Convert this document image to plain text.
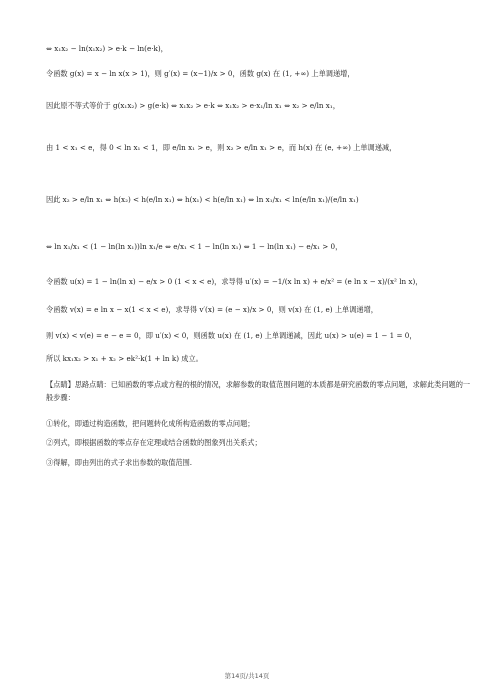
⇔ x₁x₂ − ln(x₁x₂) > e·k − ln(e·k)，
令函数 g(x) = x − ln x(x > 1)，则 g′(x) = (x−1)/x > 0，函数 g(x) 在 (1, +∞) 上单调递增，
因此原不等式等价于 g(x₁x₂) > g(e·k) ⇔ x₁x₂ > e·k ⇔ x₁x₂ > e·x₁/ln x₁ ⇔ x₂ > e/ln x₁，
由 1 < x₁ < e，得 0 < ln x₁ < 1，即 e/ln x₁ > e，则 x₂ > e/ln x₁ > e，而 h(x) 在 (e, +∞) 上单调递减，
因此 x₂ > e/ln x₁ ⇔ h(x₂) < h(e/ln x₁) ⇔ h(x₁) < h(e/ln x₁) ⇔ ln x₁/x₁ < ln(e/ln x₁)/(e/ln x₁)
⇔ ln x₁/x₁ < (1 − ln(ln x₁))ln x₁/e ⇔ e/x₁ < 1 − ln(ln x₁) ⇔ 1 − ln(ln x₁) − e/x₁ > 0，
令函数 u(x) = 1 − ln(ln x) − e/x > 0 (1 < x < e)，求导得 u′(x) = −1/(x ln x) + e/x² = (e ln x − x)/(x² ln x)，
令函数 v(x) = e ln x − x(1 < x < e)，求导得 v′(x) = (e − x)/x > 0，则 v(x) 在 (1, e) 上单调递增，
则 v(x) < v(e) = e − e = 0，即 u′(x) < 0，则函数 u(x) 在 (1, e) 上单调递减，因此 u(x) > u(e) = 1 − 1 = 0，
所以 kx₁x₂ > x₁ + x₂ > ek²·k(1 + ln k) 成立。
【点睛】思路点睛：已知函数的零点或方程的根的情况，求解参数的取值范围问题的本质都是研究函数的零点问题，求解此类问题的一般步骤：
①转化，即通过构造函数，把问题转化成所构造函数的零点问题；
②列式，即根据函数的零点存在定理或结合函数的图象列出关系式；
③得解，即由列出的式子求出参数的取值范围.
第14页/共14页
